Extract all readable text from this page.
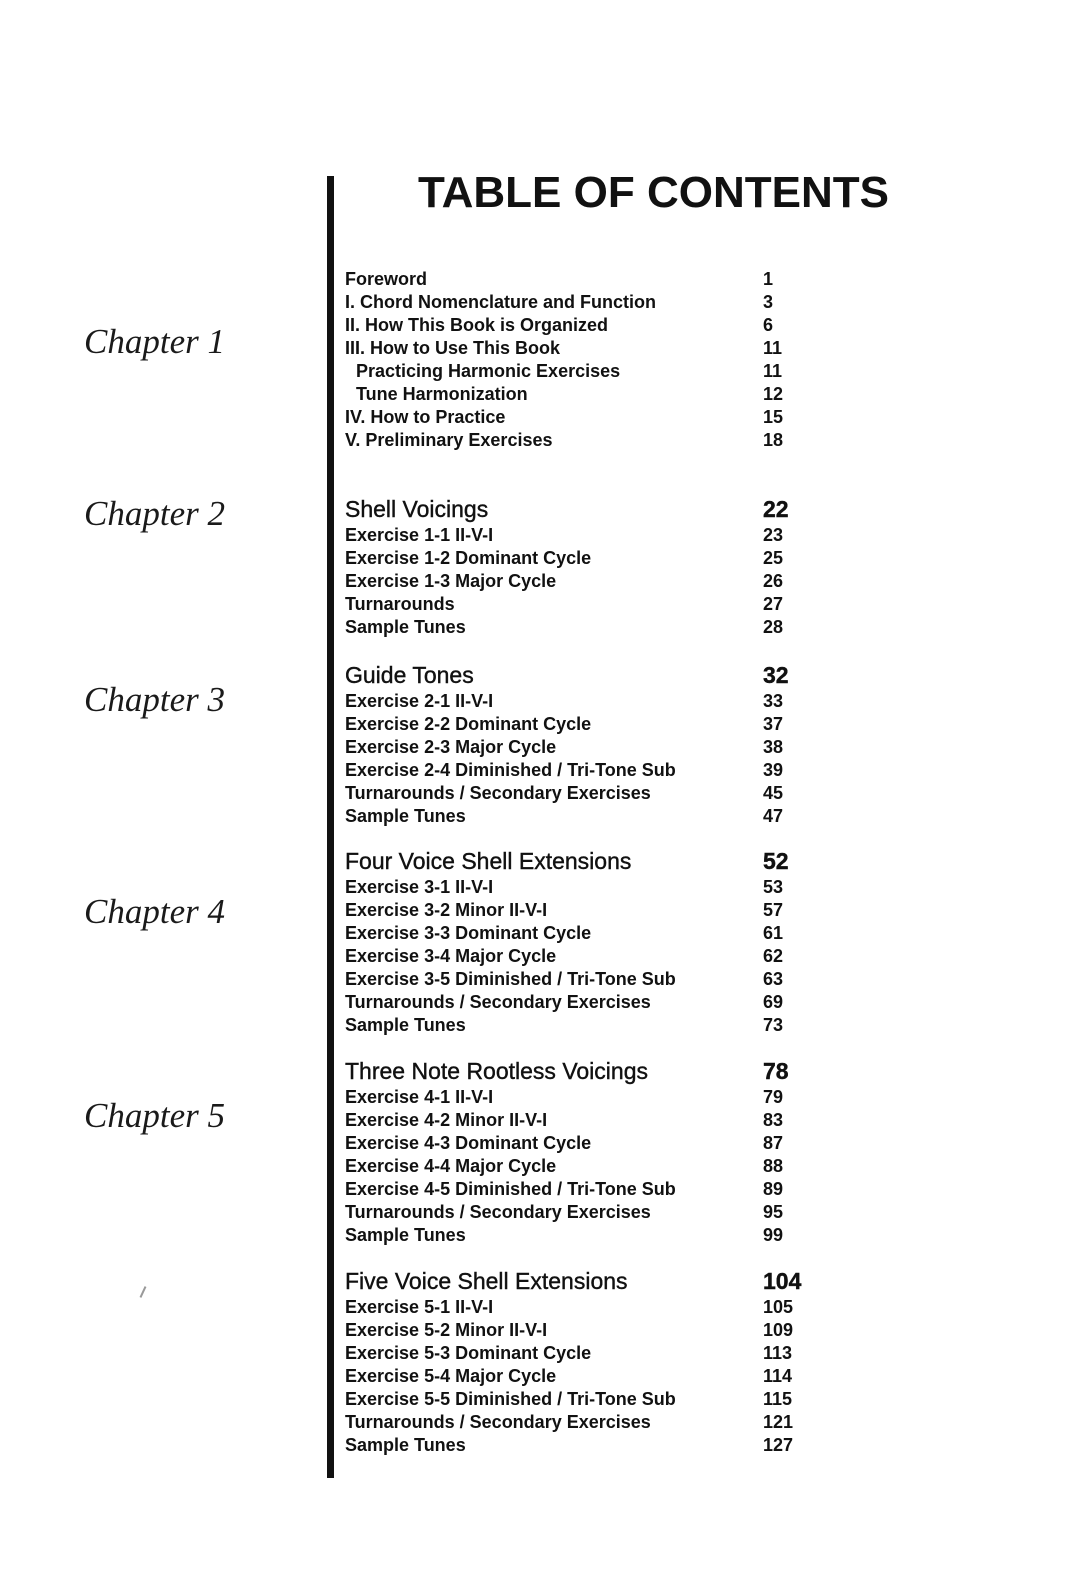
TABLE OF CONTENTS
Chapter 1
Chapter 2
Chapter 3
Chapter 4
Chapter 5
Foreword	1
I. Chord Nomenclature and Function	3
II. How This Book is Organized	6
III. How to Use This Book	11
Practicing Harmonic Exercises	11
Tune Harmonization	12
IV. How to Practice	15
V. Preliminary Exercises	18
Shell Voicings	22
Exercise 1-1 II-V-I	23
Exercise 1-2 Dominant Cycle	25
Exercise 1-3 Major Cycle	26
Turnarounds	27
Sample Tunes	28
Guide Tones	32
Exercise 2-1 II-V-I	33
Exercise 2-2 Dominant Cycle	37
Exercise 2-3 Major Cycle	38
Exercise 2-4 Diminished / Tri-Tone Sub	39
Turnarounds / Secondary Exercises	45
Sample Tunes	47
Four Voice Shell Extensions	52
Exercise 3-1 II-V-I	53
Exercise 3-2 Minor II-V-I	57
Exercise 3-3 Dominant Cycle	61
Exercise 3-4 Major Cycle	62
Exercise 3-5 Diminished / Tri-Tone Sub	63
Turnarounds / Secondary Exercises	69
Sample Tunes	73
Three Note Rootless Voicings	78
Exercise 4-1 II-V-I	79
Exercise 4-2 Minor II-V-I	83
Exercise 4-3 Dominant Cycle	87
Exercise 4-4 Major Cycle	88
Exercise 4-5 Diminished / Tri-Tone Sub	89
Turnarounds / Secondary Exercises	95
Sample Tunes	99
Five Voice Shell Extensions	104
Exercise 5-1 II-V-I	105
Exercise 5-2 Minor II-V-I	109
Exercise 5-3 Dominant Cycle	113
Exercise 5-4 Major Cycle	114
Exercise 5-5 Diminished / Tri-Tone Sub	115
Turnarounds / Secondary Exercises	121
Sample Tunes	127
